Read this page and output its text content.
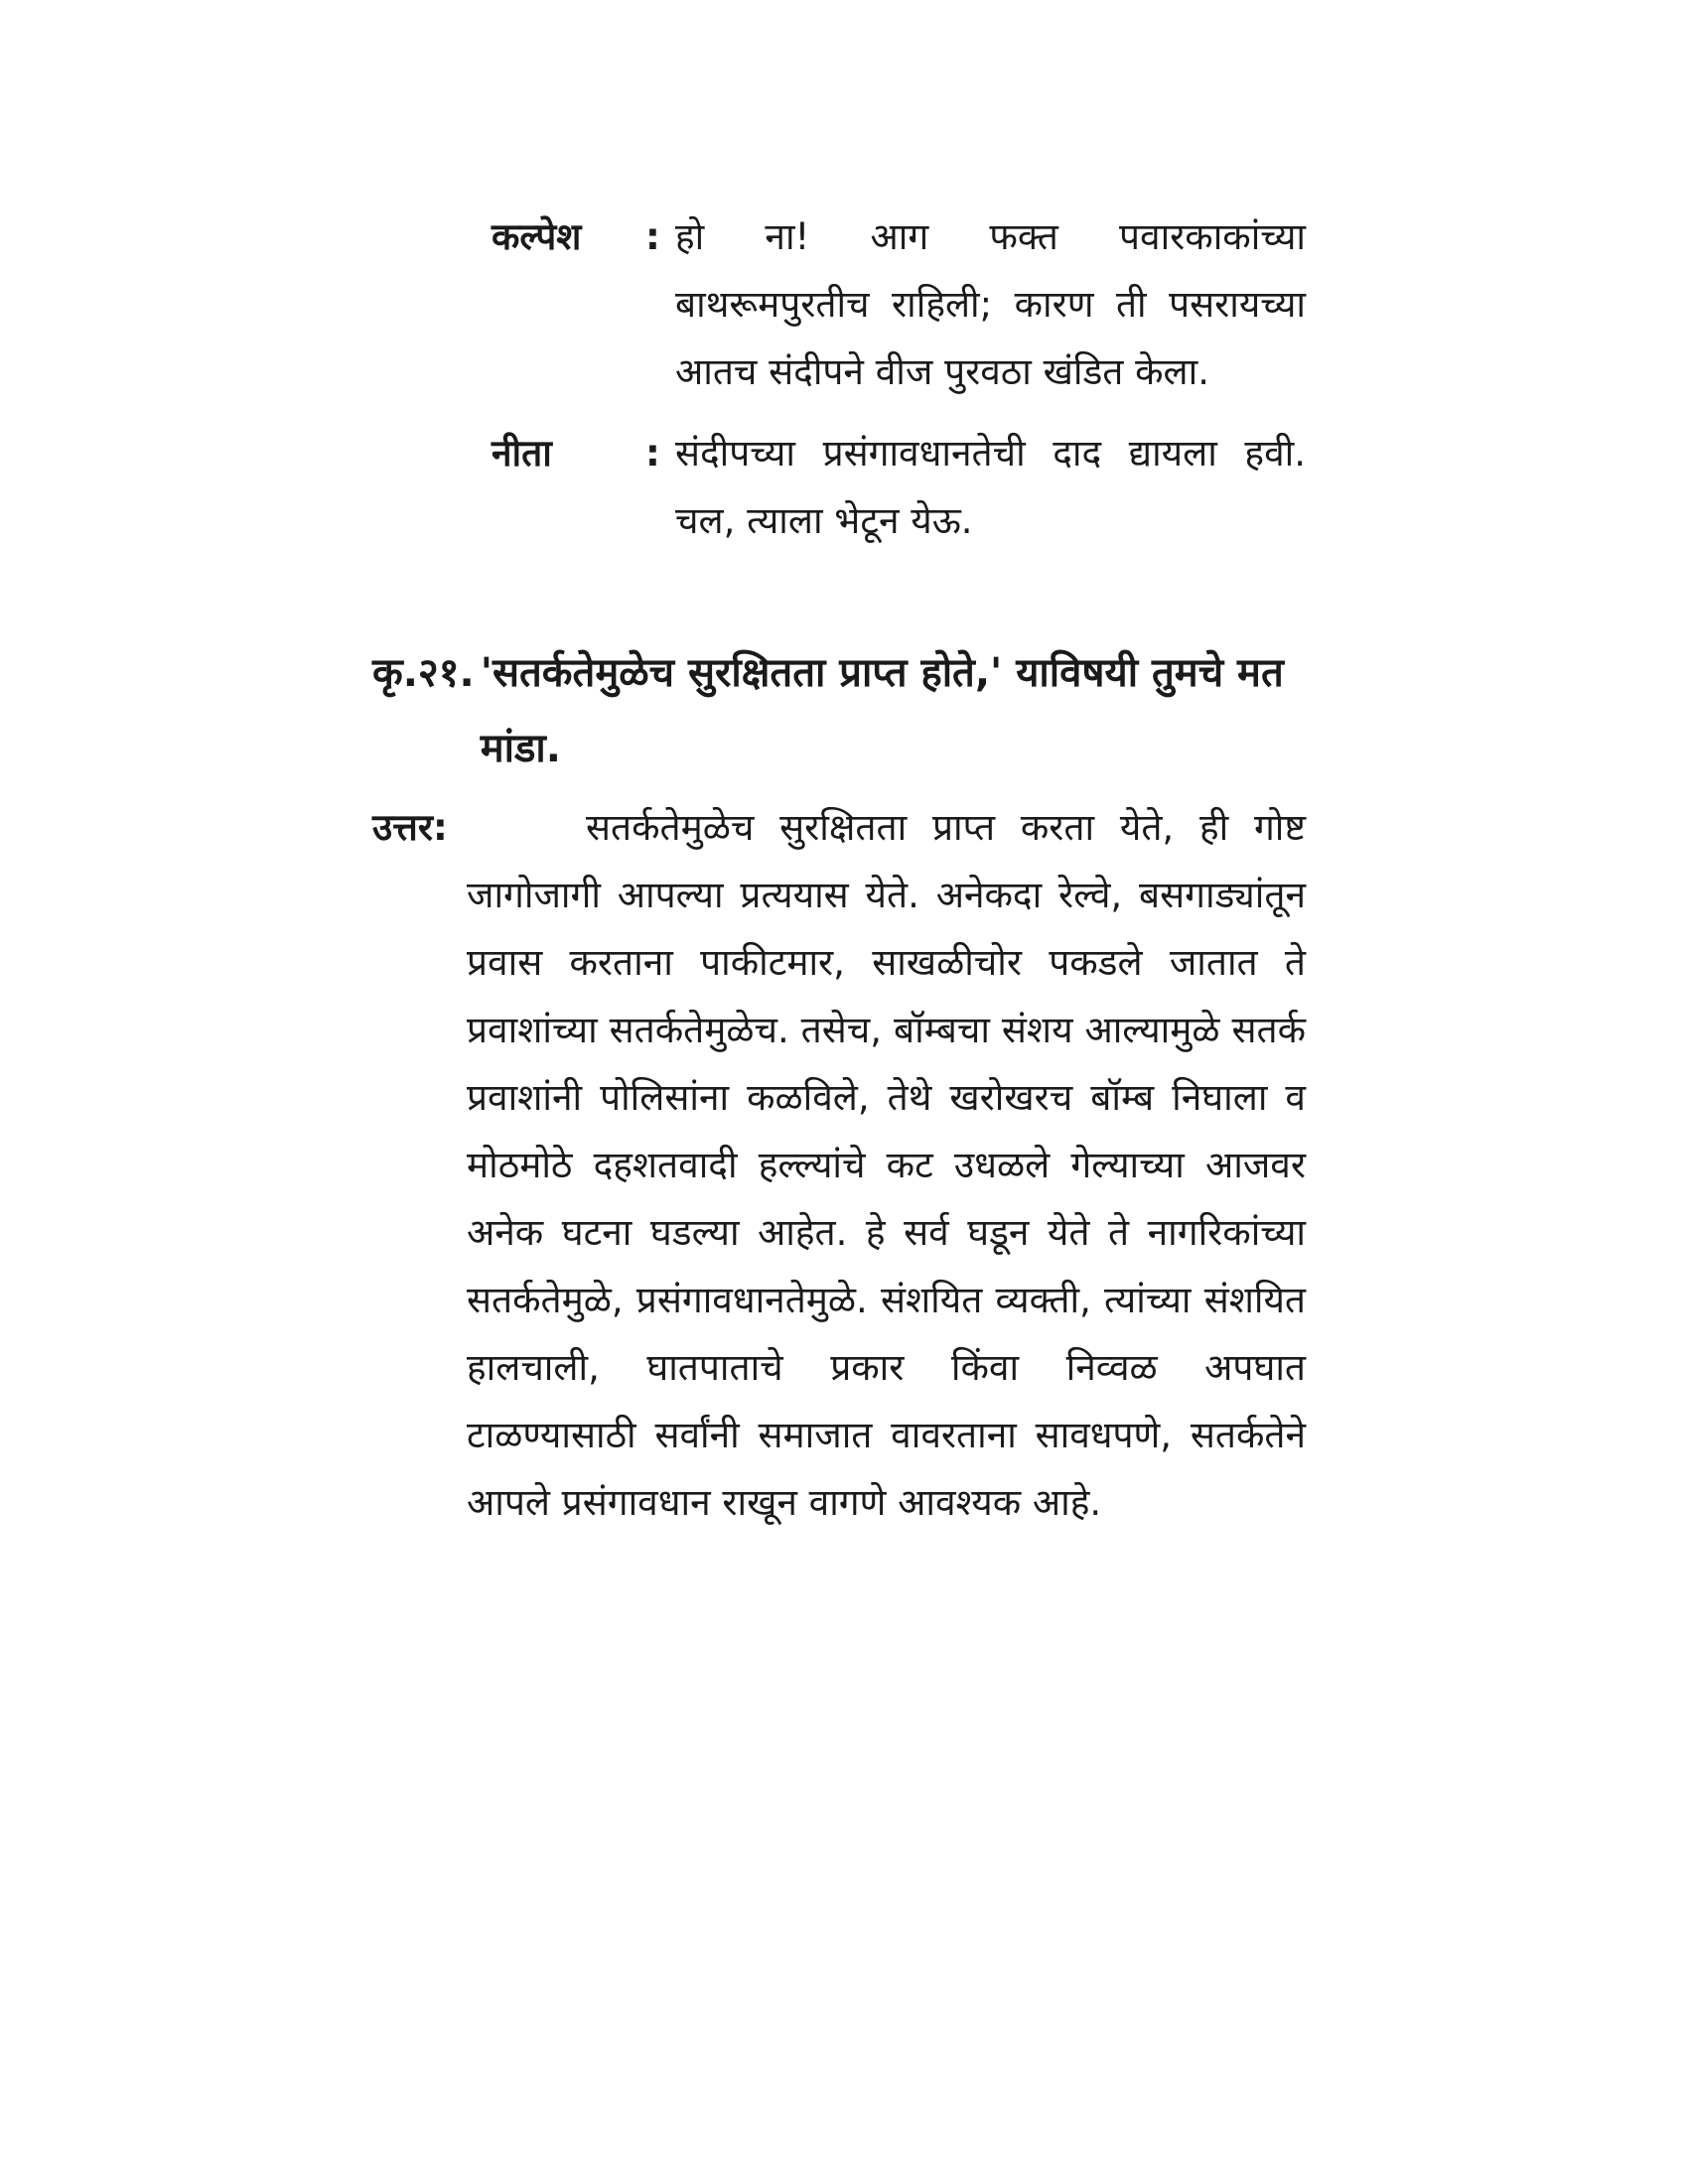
कल्पेश	: हो ना! आग फक्त पवारकाकांच्या बाथरूमपुरतीच राहिली; कारण ती पसरायच्या आतच संदीपने वीज पुरवठा खंडित केला.
नीता	: संदीपच्या प्रसंगावधानतेची दाद द्यायला हवी. चल, त्याला भेटून येऊ.
कृ.२१. 'सतर्कतेमुळेच सुरक्षितता प्राप्त होते,' याविषयी तुमचे मत मांडा.
उत्तर:	सतर्कतेमुळेच सुरक्षितता प्राप्त करता येते, ही गोष्ट जागोजागी आपल्या प्रत्ययास येते. अनेकदा रेल्वे, बसगाड्यांतून प्रवास करताना पाकीटमार, साखळीचोर पकडले जातात ते प्रवाशांच्या सतर्कतेमुळेच. तसेच, बॉम्बचा संशय आल्यामुळे सतर्क प्रवाशांनी पोलिसांना कळविले, तेथे खरोखरच बॉम्ब निघाला व मोठमोठे दहशतवादी हल्ल्यांचे कट उधळले गेल्याच्या आजवर अनेक घटना घडल्या आहेत. हे सर्व घडून येते ते नागरिकांच्या सतर्कतेमुळे, प्रसंगावधानतेमुळे. संशयित व्यक्ती, त्यांच्या संशयित हालचाली, घातपाताचे प्रकार किंवा निव्वळ अपघात टाळण्यासाठी सर्वांनी समाजात वावरताना सावधपणे, सतर्कतेने आपले प्रसंगावधान राखून वागणे आवश्यक आहे.
